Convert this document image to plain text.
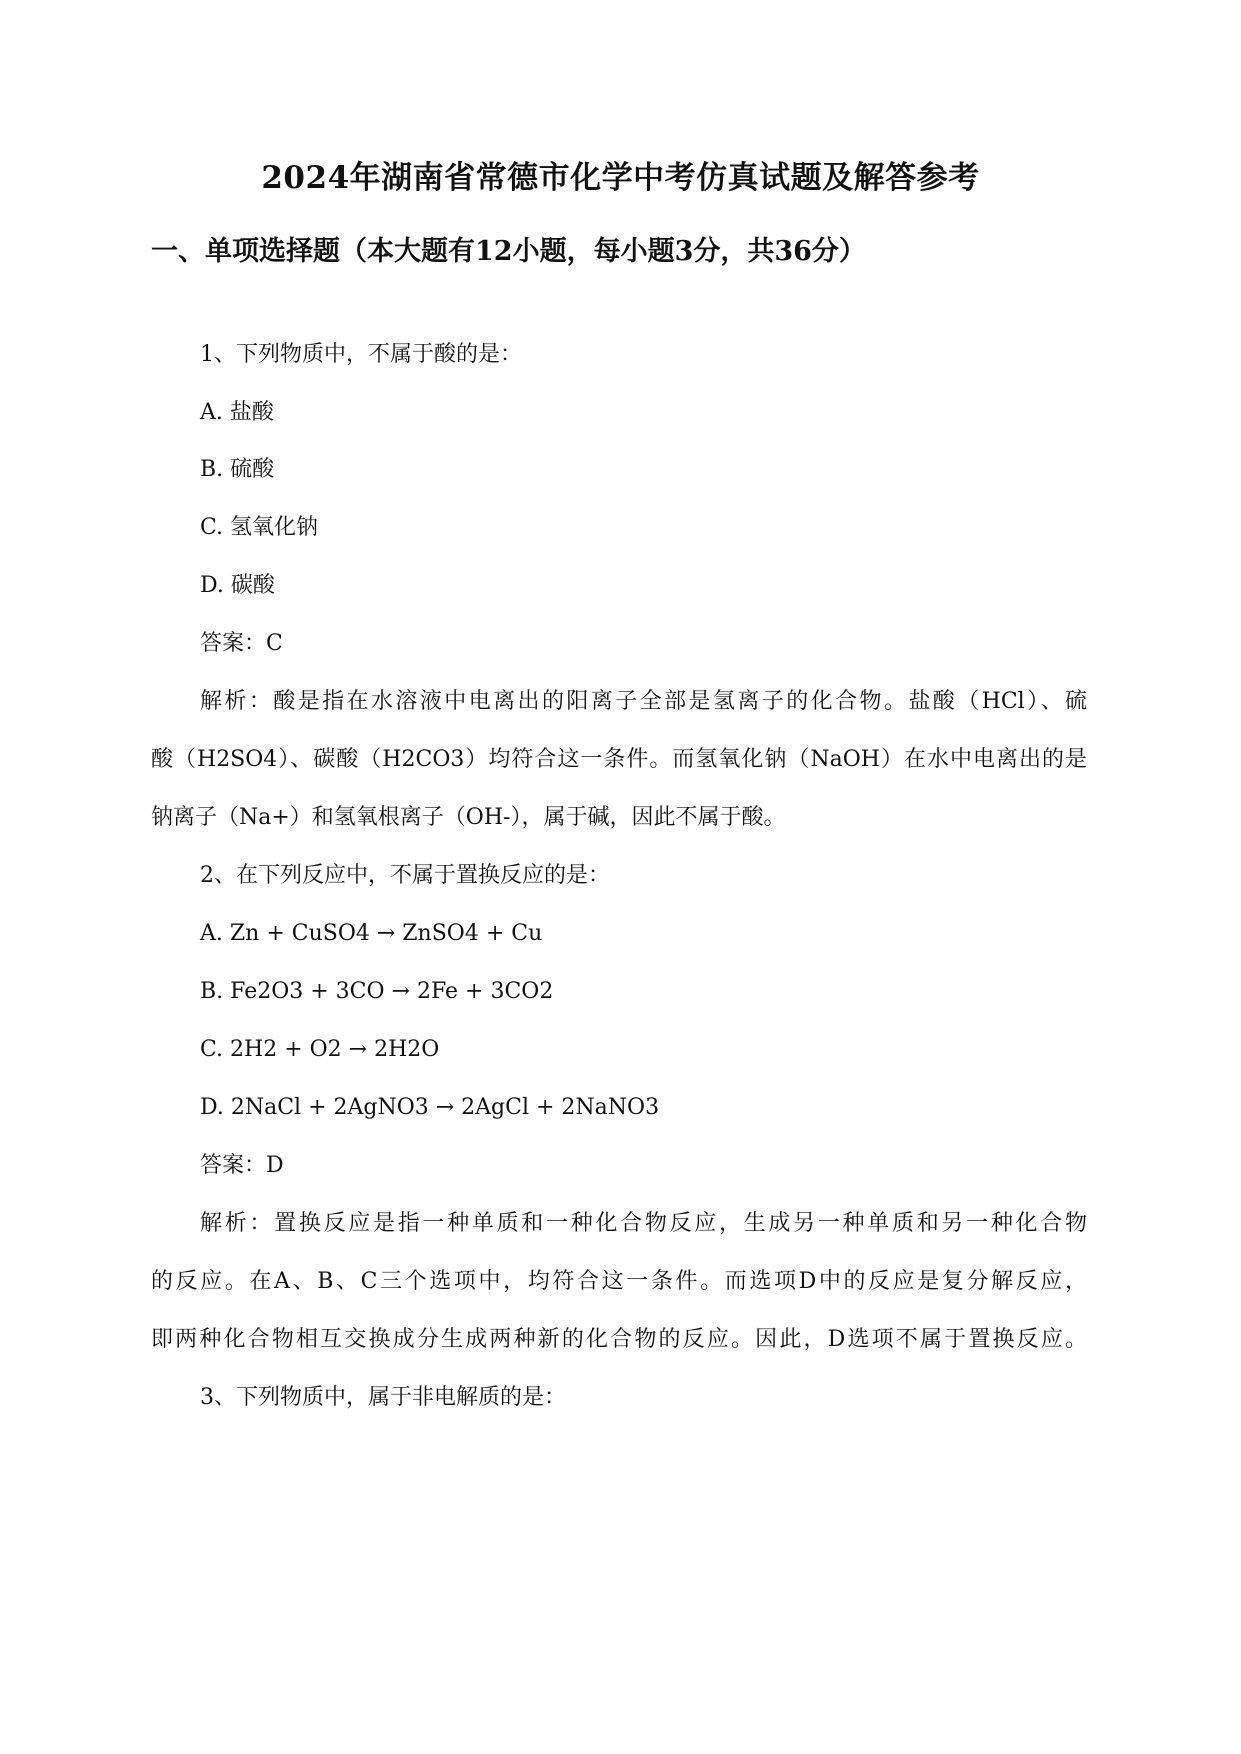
2024年湖南省常德市化学中考仿真试题及解答参考
一、单项选择题（本大题有12小题，每小题3分，共36分）
1、下列物质中，不属于酸的是：
A. 盐酸
B. 硫酸
C. 氢氧化钠
D. 碳酸
答案：C
解析：酸是指在水溶液中电离出的阳离子全部是氢离子的化合物。盐酸（HCl）、硫
酸（H2SO4）、碳酸（H2CO3）均符合这一条件。而氢氧化钠（NaOH）在水中电离出的是
钠离子（Na+）和氢氧根离子（OH-），属于碱，因此不属于酸。
2、在下列反应中，不属于置换反应的是：
A. Zn + CuSO4 → ZnSO4 + Cu
B. Fe2O3 + 3CO → 2Fe + 3CO2
C. 2H2 + O2 → 2H2O
D. 2NaCl + 2AgNO3 → 2AgCl + 2NaNO3
答案：D
解析：置换反应是指一种单质和一种化合物反应，生成另一种单质和另一种化合物
的反应。在A、B、C三个选项中，均符合这一条件。而选项D中的反应是复分解反应，
即两种化合物相互交换成分生成两种新的化合物的反应。因此，D选项不属于置换反应。
3、下列物质中，属于非电解质的是：
